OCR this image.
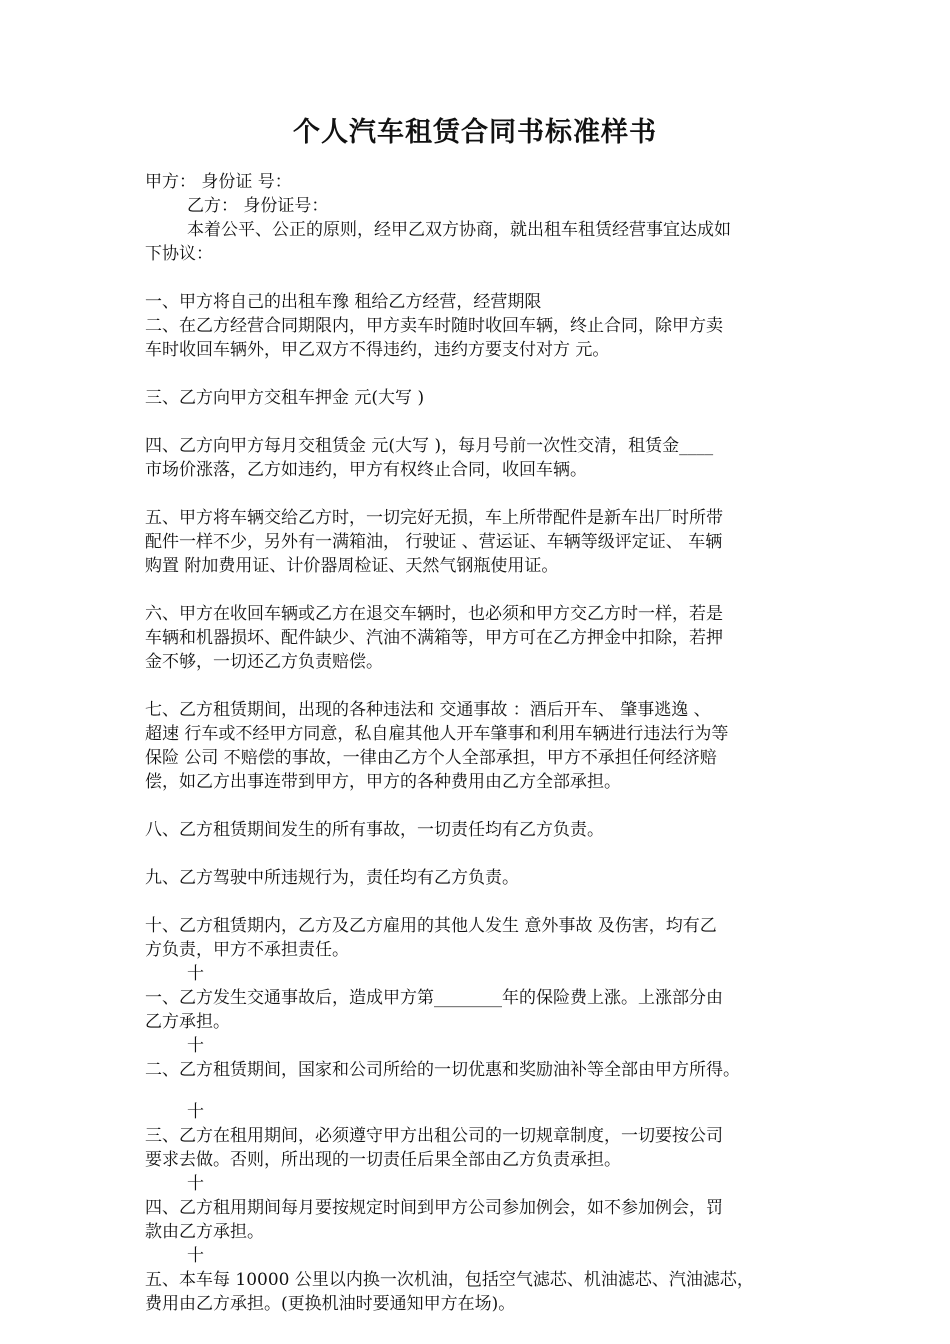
个人汽车租赁合同书标准样书
甲方： 身份证 号：
乙方： 身份证号：
本着公平、公正的原则，经甲乙双方协商，就出租车租赁经营事宜达成如
下协议：
一、甲方将自己的出租车豫 租给乙方经营，经营期限
二、在乙方经营合同期限内，甲方卖车时随时收回车辆，终止合同，除甲方卖
车时收回车辆外，甲乙双方不得违约，违约方要支付对方 元。
三、乙方向甲方交租车押金 元(大写 )
四、乙方向甲方每月交租赁金 元(大写 )，每月号前一次性交清，租赁金____
市场价涨落，乙方如违约，甲方有权终止合同，收回车辆。
五、甲方将车辆交给乙方时，一切完好无损，车上所带配件是新车出厂时所带
配件一样不少，另外有一满箱油， 行驶证 、营运证、车辆等级评定证、 车辆
购置 附加费用证、计价器周检证、天然气钢瓶使用证。
六、甲方在收回车辆或乙方在退交车辆时，也必须和甲方交乙方时一样，若是
车辆和机器损坏、配件缺少、汽油不满箱等，甲方可在乙方押金中扣除，若押
金不够，一切还乙方负责赔偿。
七、乙方租赁期间，出现的各种违法和 交通事故 ：酒后开车、 肇事逃逸 、
超速 行车或不经甲方同意，私自雇其他人开车肇事和利用车辆进行违法行为等
保险 公司 不赔偿的事故，一律由乙方个人全部承担，甲方不承担任何经济赔
偿，如乙方出事连带到甲方，甲方的各种费用由乙方全部承担。
八、乙方租赁期间发生的所有事故，一切责任均有乙方负责。
九、乙方驾驶中所违规行为，责任均有乙方负责。
十、乙方租赁期内，乙方及乙方雇用的其他人发生 意外事故 及伤害，均有乙
方负责，甲方不承担责任。
十
一、乙方发生交通事故后，造成甲方第________年的保险费上涨。上涨部分由
乙方承担。
十
二、乙方租赁期间，国家和公司所给的一切优惠和奖励油补等全部由甲方所得。
十
三、乙方在租用期间，必须遵守甲方出租公司的一切规章制度，一切要按公司
要求去做。否则，所出现的一切责任后果全部由乙方负责承担。
十
四、乙方租用期间每月要按规定时间到甲方公司参加例会，如不参加例会，罚
款由乙方承担。
十
五、本车每 10000 公里以内换一次机油，包括空气滤芯、机油滤芯、汽油滤芯，
费用由乙方承担。(更换机油时要通知甲方在场)。
